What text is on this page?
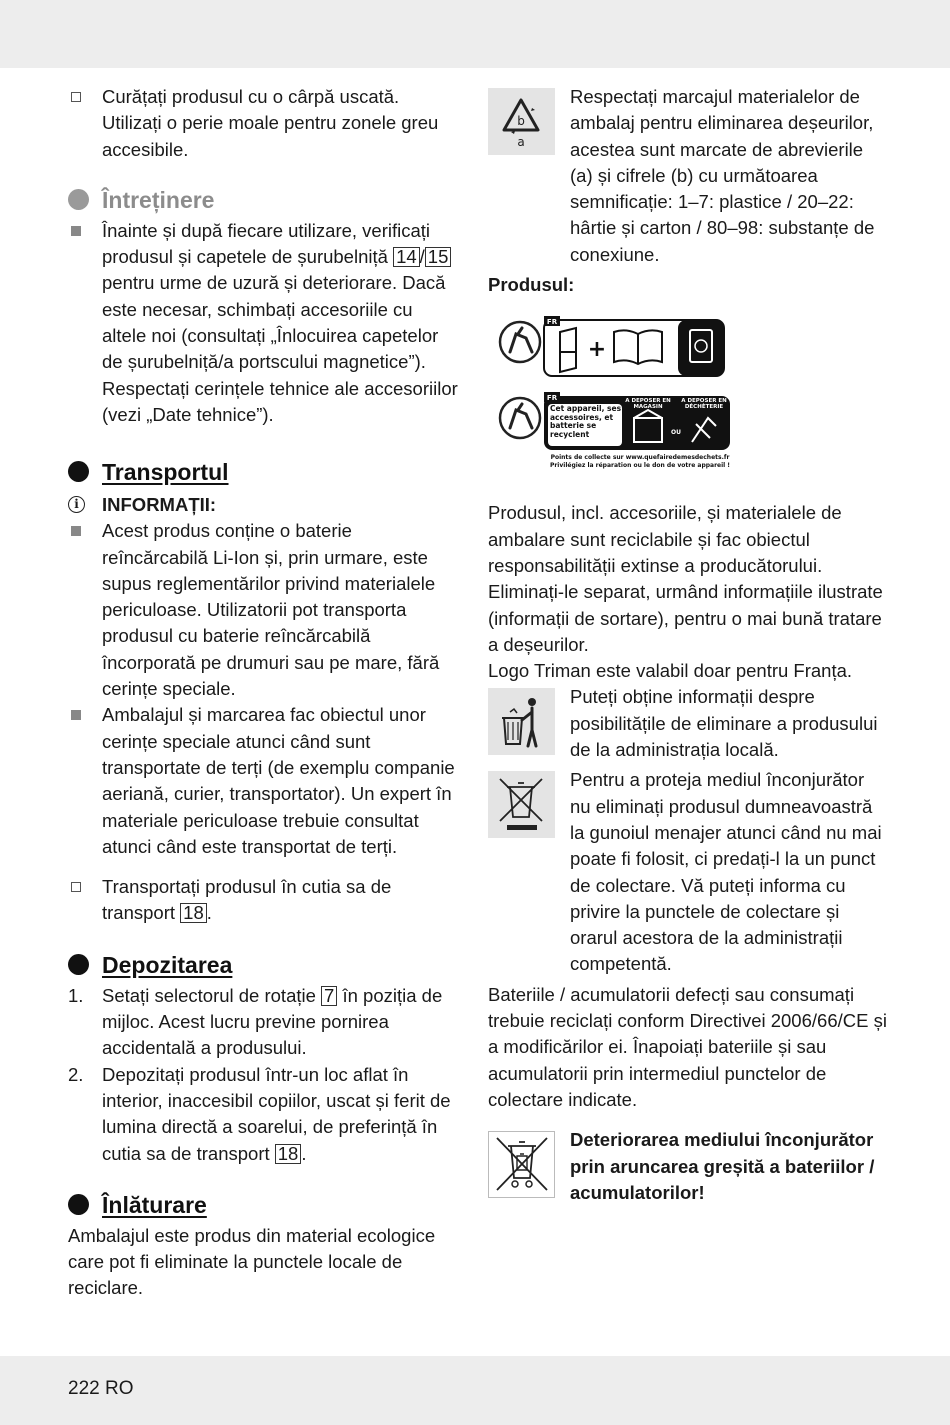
Curățați produsul cu o cârpă uscată. Utilizați o perie moale pentru zonele greu accesibile.
Întreținere
Înainte și după fiecare utilizare, verificați produsul și capetele de șurubelniță 14 / 15 pentru urme de uzură și deteriorare. Dacă este necesar, schimbați accesoriile cu altele noi (consultați „Înlocuirea capetelor de șurubelniță/a portscului magnetice”). Respectați cerințele tehnice ale accesoriilor (vezi „Date tehnice”).
Transportul
i	INFORMAȚII:
Acest produs conține o baterie reîncărcabilă Li-Ion și, prin urmare, este supus reglementărilor privind materialele periculoase. Utilizatorii pot transporta produsul cu baterie reîncărcabilă încorporată pe drumuri sau pe mare, fără cerințe speciale.
Ambalajul și marcarea fac obiectul unor cerințe speciale atunci când sunt transportate de terți (de exemplu companie aeriană, curier, transportator). Un expert în materiale periculoase trebuie consultat atunci când este transportat de terți.
Transportați produsul în cutia sa de transport 18 .
Depozitarea
1. Setați selectorul de rotație 7 în poziția de mijloc. Acest lucru previne pornirea accidentală a produsului.
2. Depozitați produsul într-un loc aflat în interior, inaccesibil copiilor, uscat și ferit de lumina directă a soarelui, de preferință în cutia sa de transport 18 .
Înlăturare

Ambalajul este produs din material ecologice care pot fi eliminate la punctele locale de reciclare.

b
a

Respectați marcajul materialelor de ambalaj pentru eliminarea deșeurilor, acestea sunt marcate de abrevierile (a) și cifrele (b) cu următoarea semnificație: 1–7: plastice / 20–22: hârtie și carton / 80–98: substanțe de conexiune.

Produsul:

FR
+
FR
Cet appareil, ses accessoires, et batterie se recyclent
À DÉPOSER EN MAGASIN
OU
À DÉPOSER EN DÉCHÈTERIE
Points de collecte sur www.quefairedemesdechets.fr
Privilégiez la réparation ou le don de votre appareil !

Produsul, incl. accesoriile, și materialele de ambalare sunt reciclabile și fac obiectul responsabilității extinse a producătorului. Eliminați-le separat, urmând informațiile ilustrate (informații de sortare), pentru o mai bună tratare a deșeurilor.

Logo Triman este valabil doar pentru Franța.

Puteți obține informații despre posibilitățile de eliminare a produsului de la administrația locală.

Pentru a proteja mediul înconjurător nu eliminați produsul dumneavoastră la gunoiul menajer atunci când nu mai poate fi folosit, ci predați-l la un punct de colectare. Vă puteți informa cu privire la punctele de colectare și orarul acestora de la administrații competentă.

Bateriile / acumulatorii defecți sau consumați trebuie reciclați conform Directivei 2006/66/CE și a modificărilor ei. Înapoiați bateriile și sau acumulatorii prin intermediul punctelor de colectare indicate.

Deteriorarea mediului înconjurător prin aruncarea greșită a bateriilor / acumulatorilor!

222 RO
